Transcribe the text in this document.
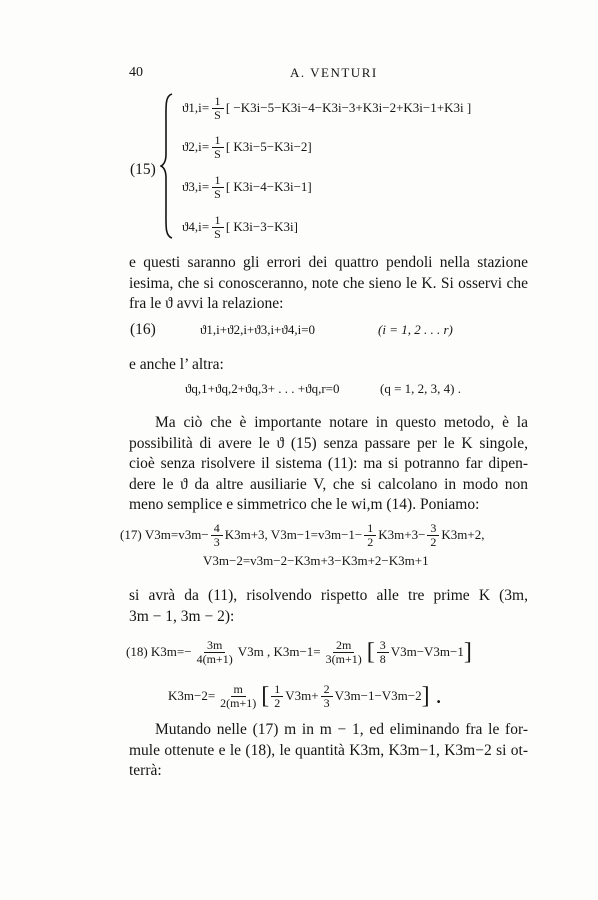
40	A. VENTURI
(15)
$ϑ1,i = \frac{1}{S}$ [ −K3i−5−K3i−4−K3i−3+K3i−2+K3i−1+K3i ]
$ϑ2,i = \frac{1}{S}$ [ K3i−5−K3i−2]
$ϑ3,i = \frac{1}{S}$ [ K3i−4−K3i−1]
$ϑ4,i = \frac{1}{S}$ [ K3i−3−K3i]
e questi saranno gli errori dei quattro pendoli nella stazione
iesima, che si conosceranno, note che sieno le K. Si osservi che
fra le ϑ avvi la relazione:
(16)	ϑ1,i+ϑ2,i+ϑ3,i+ϑ4,i=0	(i = 1, 2 . . . r)
e anche l’ altra:
ϑq,1+ϑq,2+ϑq,3+ . . . +ϑq,r=0	(q = 1, 2, 3, 4) .
Ma ciò che è importante notare in questo metodo, è la
possibilità di avere le ϑ (15) senza passare per le K singole,
cioè senza risolvere il sistema (11): ma si potranno far dipen-
dere le ϑ da altre ausiliarie V, che si calcolano in modo non
meno semplice e simmetrico che le wi,m (14). Poniamo:
(17)
$V3m=v3m- \frac{4}{3} K3m+3$, $V3m-1=v3m-1- \frac{1}{2} K3m+3- \frac{3}{2} K3m+2$,
V3m−2=v3m−2−K3m+3−K3m+2−K3m+1
si avrà da (11), risolvendo rispetto alle tre prime K (3m,
3m − 1, 3m − 2):
(18)
$K3m=- \frac{3m}{4(m+1)} V3m$ , $K3m-1= \frac{2m}{3(m+1)}$ [ $\frac{3}{8} V3m-V3m-1$ ]
$K3m-2= \frac{m}{2(m+1)}$ [ $\frac{1}{2} V3m+ \frac{2}{3} V3m-1-V3m-2$ ] .
Mutando nelle (17) m in m − 1, ed eliminando fra le for-
mule ottenute e le (18), le quantità K3m, K3m−1, K3m−2 si ot-
terrà:
